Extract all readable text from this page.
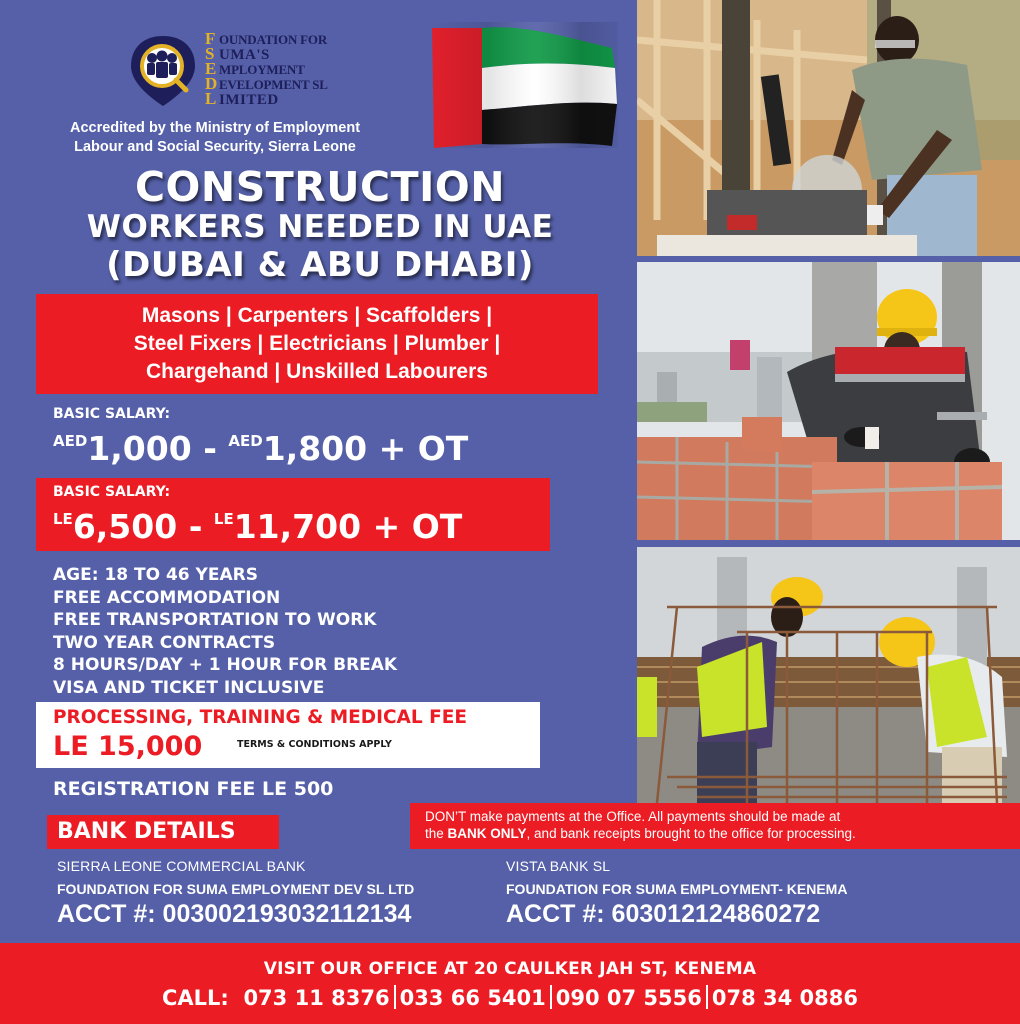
F OUNDATION FOR
S UMA'S
E MPLOYMENT
D EVELOPMENT SL
L IMITED
Accredited by the Ministry of Employment
Labour and Social Security, Sierra Leone
CONSTRUCTION
WORKERS NEEDED IN UAE
(DUBAI & ABU DHABI)
Masons | Carpenters | Scaffolders |
Steel Fixers | Electricians | Plumber |
Chargehand | Unskilled Labourers
BASIC SALARY:
$^{AED}$1,000 - $^{AED}$1,800 + OT
BASIC SALARY:
$^{LE}$6,500 - $^{LE}$11,700 + OT
AGE: 18 TO 46 YEARS
FREE ACCOMMODATION
FREE TRANSPORTATION TO WORK
TWO YEAR CONTRACTS
8 HOURS/DAY + 1 HOUR FOR BREAK
VISA AND TICKET INCLUSIVE
PROCESSING, TRAINING & MEDICAL FEE
LE 15,000	TERMS & CONDITIONS APPLY
REGISTRATION FEE LE 500
BANK DETAILS
DON’T make payments at the Office. All payments should be made at
the BANK ONLY, and bank receipts brought to the office for processing.
SIERRA LEONE COMMERCIAL BANK
FOUNDATION FOR SUMA EMPLOYMENT DEV SL LTD
ACCT #: 003002193032112134
VISTA BANK SL
FOUNDATION FOR SUMA EMPLOYMENT- KENEMA
ACCT #: 603012124860272
VISIT OUR OFFICE AT 20 CAULKER JAH ST, KENEMA
CALL: 073 11 8376 033 66 5401 090 07 5556 078 34 0886
